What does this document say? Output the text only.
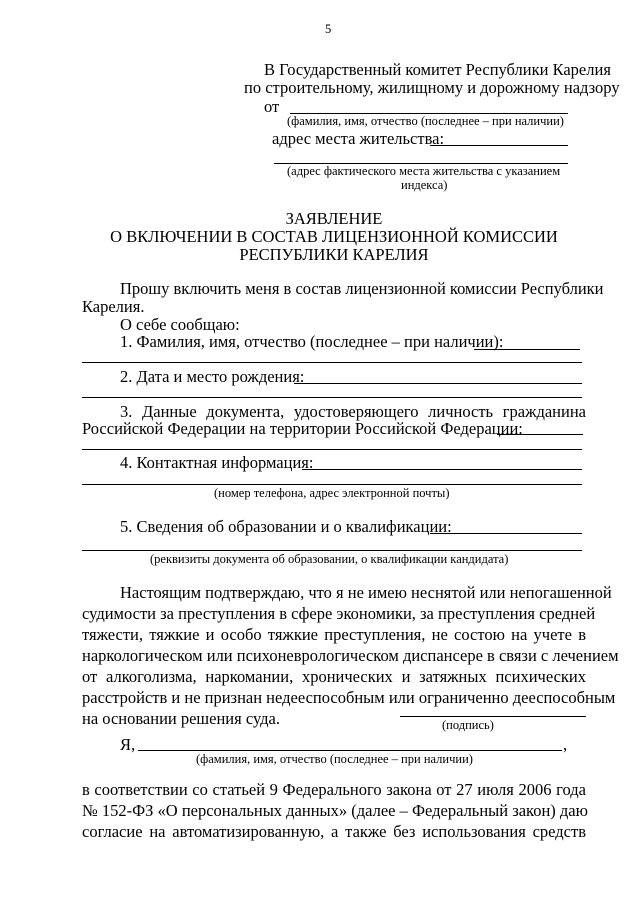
5
В Государственный комитет Республики Карелия
по строительному, жилищному и дорожному надзору
от
(фамилия, имя, отчество (последнее – при наличии)
адрес места жительства:
(адрес фактического места жительства с указанием
индекса)
ЗАЯВЛЕНИЕ
О ВКЛЮЧЕНИИ В СОСТАВ ЛИЦЕНЗИОННОЙ КОМИССИИ
РЕСПУБЛИКИ КАРЕЛИЯ
Прошу включить меня в состав лицензионной комиссии Республики
Карелия.
О себе сообщаю:
1. Фамилия, имя, отчество (последнее – при наличии):
2. Дата и место рождения:
3. Данные документа, удостоверяющего личность гражданина
Российской Федерации на территории Российской Федерации:
4. Контактная информация:
(номер телефона, адрес электронной почты)
5. Сведения об образовании и о квалификации:
(реквизиты документа об образовании, о квалификации кандидата)
Настоящим подтверждаю, что я не имею неснятой или непогашенной
судимости за преступления в сфере экономики, за преступления средней
тяжести, тяжкие и особо тяжкие преступления, не состою на учете в
наркологическом или психоневрологическом диспансере в связи с лечением
от алкоголизма, наркомании, хронических и затяжных психических
расстройств и не признан недееспособным или ограниченно дееспособным
на основании решения суда.	(подпись)
Я,	,
(фамилия, имя, отчество (последнее – при наличии)
в соответствии со статьей 9 Федерального закона от 27 июля 2006 года
№ 152-ФЗ «О персональных данных» (далее – Федеральный закон) даю
согласие на автоматизированную, а также без использования средств
